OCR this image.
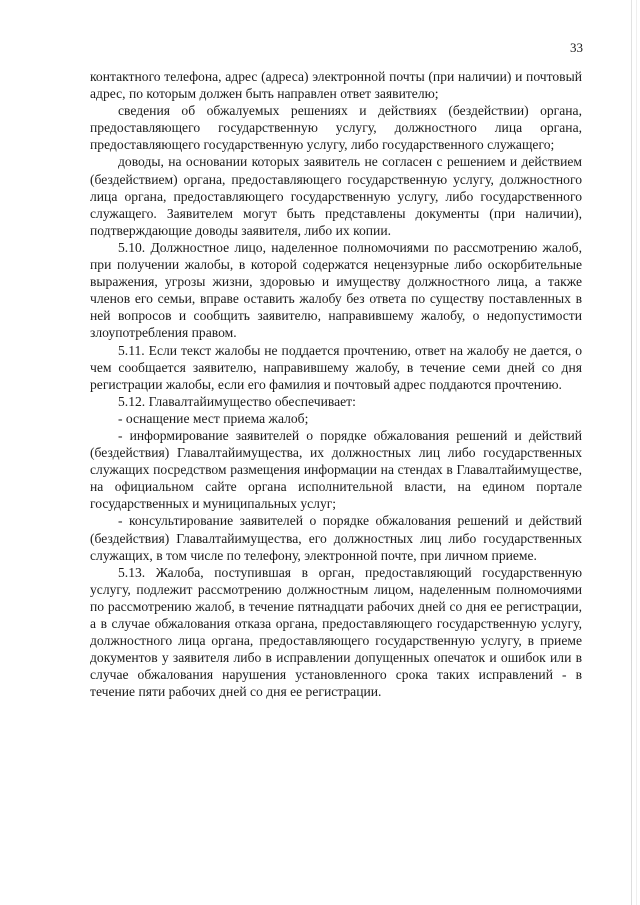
33

контактного телефона, адрес (адреса) электронной почты (при наличии) и почтовый адрес, по которым должен быть направлен ответ заявителю;

сведения об обжалуемых решениях и действиях (бездействии) органа, предоставляющего государственную услугу, должностного лица органа, предоставляющего государственную услугу, либо государственного служащего;

доводы, на основании которых заявитель не согласен с решением и действием (бездействием) органа, предоставляющего государственную услугу, должностного лица органа, предоставляющего государственную услугу, либо государственного служащего. Заявителем могут быть представлены документы (при наличии), подтверждающие доводы заявителя, либо их копии.

5.10. Должностное лицо, наделенное полномочиями по рассмотрению жалоб, при получении жалобы, в которой содержатся нецензурные либо оскорбительные выражения, угрозы жизни, здоровью и имуществу должностного лица, а также членов его семьи, вправе оставить жалобу без ответа по существу поставленных в ней вопросов и сообщить заявителю, направившему жалобу, о недопустимости злоупотребления правом.

5.11. Если текст жалобы не поддается прочтению, ответ на жалобу не дается, о чем сообщается заявителю, направившему жалобу, в течение семи дней со дня регистрации жалобы, если его фамилия и почтовый адрес поддаются прочтению.

5.12. Главалтайимущество обеспечивает:

- оснащение мест приема жалоб;

- информирование заявителей о порядке обжалования решений и действий (бездействия) Главалтайимущества, их должностных лиц либо государственных служащих посредством размещения информации на стендах в Главалтайимуществе, на официальном сайте органа исполнительной власти, на едином портале государственных и муниципальных услуг;

- консультирование заявителей о порядке обжалования решений и действий (бездействия) Главалтайимущества, его должностных лиц либо государственных служащих, в том числе по телефону, электронной почте, при личном приеме.

5.13. Жалоба, поступившая в орган, предоставляющий государственную услугу, подлежит рассмотрению должностным лицом, наделенным полномочиями по рассмотрению жалоб, в течение пятнадцати рабочих дней со дня ее регистрации, а в случае обжалования отказа органа, предоставляющего государственную услугу, должностного лица органа, предоставляющего государственную услугу, в приеме документов у заявителя либо в исправлении допущенных опечаток и ошибок или в случае обжалования нарушения установленного срока таких исправлений - в течение пяти рабочих дней со дня ее регистрации.
